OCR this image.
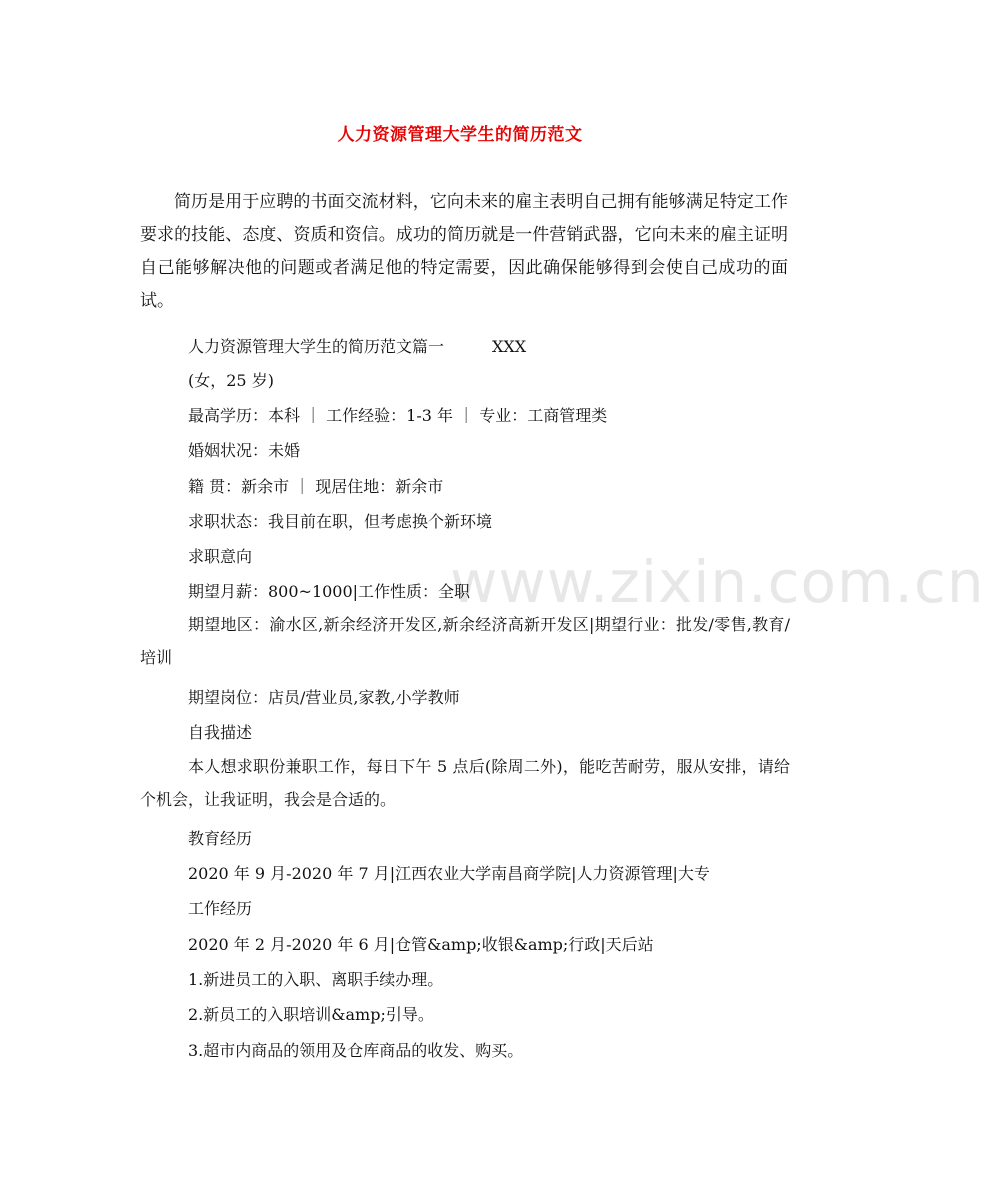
人力资源管理大学生的简历范文
简历是用于应聘的书面交流材料，它向未来的雇主表明自己拥有能够满足特定工作要求的技能、态度、资质和资信。成功的简历就是一件营销武器，它向未来的雇主证明自己能够解决他的问题或者满足他的特定需要，因此确保能够得到会使自己成功的面试。
人力资源管理大学生的简历范文篇一	XXX
(女，25 岁)
最高学历：本科 ｜ 工作经验：1-3 年 ｜ 专业：工商管理类
婚姻状况：未婚
籍 贯：新余市 ｜ 现居住地：新余市
求职状态：我目前在职，但考虑换个新环境
求职意向
期望月薪：800~1000|工作性质：全职
期望地区：渝水区,新余经济开发区,新余经济高新开发区|期望行业：批发/零售,教育/培训
期望岗位：店员/营业员,家教,小学教师
自我描述
本人想求职份兼职工作，每日下午 5 点后(除周二外)，能吃苦耐劳，服从安排，请给个机会，让我证明，我会是合适的。
教育经历
2020 年 9 月-2020 年 7 月|江西农业大学南昌商学院|人力资源管理|大专
工作经历
2020 年 2 月-2020 年 6 月|仓管&amp;收银&amp;行政|天后站
1.新进员工的入职、离职手续办理。
2.新员工的入职培训&amp;引导。
3.超市内商品的领用及仓库商品的收发、购买。
www.zixin.com.cn
